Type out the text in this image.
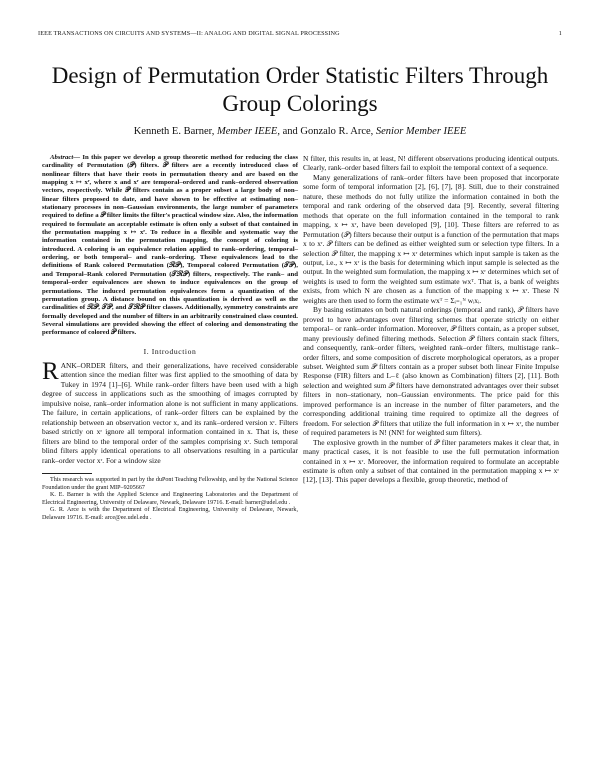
IEEE TRANSACTIONS ON CIRCUITS AND SYSTEMS—II: ANALOG AND DIGITAL SIGNAL PROCESSING	1
Design of Permutation Order Statistic Filters Through Group Colorings
Kenneth E. Barner, Member IEEE, and Gonzalo R. Arce, Senior Member IEEE

Abstract— In this paper we develop a group theoretic method for reducing the class cardinality of Permutation (𝒫) filters. 𝒫 filters are a recently introduced class of nonlinear filters that have their roots in permutation theory and are based on the mapping x ↦ xʳ, where x and xʳ are temporal–ordered and rank–ordered observation vectors, respectively. While 𝒫 filters contain as a proper subset a large body of non–linear filters proposed to date, and have shown to be effective at estimating non–stationary processes in non–Gaussian environments, the large number of parameters required to define a 𝒫 filter limits the filter's practical window size. Also, the information required to formulate an acceptable estimate is often only a subset of that contained in the permutation mapping x ↦ xʳ. To reduce in a flexible and systematic way the information contained in the permutation mapping, the concept of coloring is introduced. A coloring is an equivalence relation applied to rank–ordering, temporal–ordering, or both temporal– and rank–ordering. These equivalences lead to the definitions of Rank colored Permutation (ℛ𝒫), Temporal colored Permutation (𝒯𝒫), and Temporal–Rank colored Permutation (𝒯ℛ𝒫) filters, respectively. The rank– and temporal–order equivalences are shown to induce equivalences on the group of permutations. The induced permutation equivalences form a quantization of the permutation group. A distance bound on this quantization is derived as well as the cardinalities of ℛ𝒫, 𝒯𝒫, and 𝒯ℛ𝒫 filter classes. Additionally, symmetry constraints are formally developed and the number of filters in an arbitrarily constrained class counted. Several simulations are provided showing the effect of coloring and demonstrating the performance of colored 𝒫 filters.

I. Introduction

RANK–ORDER filters, and their generalizations, have received considerable attention since the median filter was first applied to the smoothing of data by Tukey in 1974 [1]–[6]. While rank–order filters have been used with a high degree of success in applications such as the smoothing of images corrupted by impulsive noise, rank–order information alone is not sufficient in many applications. The failure, in certain applications, of rank–order filters can be explained by the relationship between an observation vector x, and its rank–ordered version xʳ. Filters based strictly on xʳ ignore all temporal information contained in x. That is, these filters are blind to the temporal order of the samples comprising xʳ. Such temporal blind filters apply identical operations to all observations resulting in a particular rank–order vector xʳ. For a window size

This research was supported in part by the duPont Teaching Fellowship, and by the National Science Foundation under the grant MIP–9205667

K. E. Barner is with the Applied Science and Engineering Laboratories and the Department of Electrical Engineering, University of Delaware, Newark, Delaware 19716. E-mail: barner@udel.edu .

G. R. Arce is with the Department of Electrical Engineering, University of Delaware, Newark, Delaware 19716. E-mail: arce@ee.udel.edu .

N filter, this results in, at least, N! different observations producing identical outputs. Clearly, rank–order based filters fail to exploit the temporal context of a sequence.

Many generalizations of rank–order filters have been proposed that incorporate some form of temporal information [2], [6], [7], [8]. Still, due to their constrained nature, these methods do not fully utilize the information contained in both the temporal and rank ordering of the observed data [9]. Recently, several filtering methods that operate on the full information contained in the temporal to rank mapping, x ↦ xʳ, have been developed [9], [10]. These filters are referred to as Permutation (𝒫) filters because their output is a function of the permutation that maps x to xʳ. 𝒫 filters can be defined as either weighted sum or selection type filters. In a selection 𝒫 filter, the mapping x ↦ xʳ determines which input sample is taken as the output, i.e., x ↦ xʳ is the basis for determining which input sample is selected as the output. In the weighted sum formulation, the mapping x ↦ xʳ determines which set of weights is used to form the weighted sum estimate wxᵀ. That is, a bank of weights exists, from which N are chosen as a function of the mapping x ↦ xʳ. These N weights are then used to form the estimate wxᵀ = Σᵢ₌₁ᴺ wᵢxᵢ.

By basing estimates on both natural orderings (temporal and rank), 𝒫 filters have proved to have advantages over filtering schemes that operate strictly on either temporal– or rank–order information. Moreover, 𝒫 filters contain, as a proper subset, many previously defined filtering methods. Selection 𝒫 filters contain stack filters, and consequently, rank–order filters, weighted rank–order filters, multistage rank–order filters, and some composition of discrete morphological operators, as a proper subset. Weighted sum 𝒫 filters contain as a proper subset both linear Finite Impulse Response (FIR) filters and L–ℓ (also known as Combination) filters [2], [11]. Both selection and weighted sum 𝒫 filters have demonstrated advantages over their subset filters in non–stationary, non–Gaussian environments. The price paid for this improved performance is an increase in the number of filter parameters, and the corresponding additional training time required to optimize all the degrees of freedom. For selection 𝒫 filters that utilize the full information in x ↦ xʳ, the number of required parameters is N! (NN! for weighted sum filters).

The explosive growth in the number of 𝒫 filter parameters makes it clear that, in many practical cases, it is not feasible to use the full permutation information contained in x ↦ xʳ. Moreover, the information required to formulate an acceptable estimate is often only a subset of that contained in the permutation mapping x ↦ xʳ [12], [13]. This paper develops a flexible, group theoretic, method of
